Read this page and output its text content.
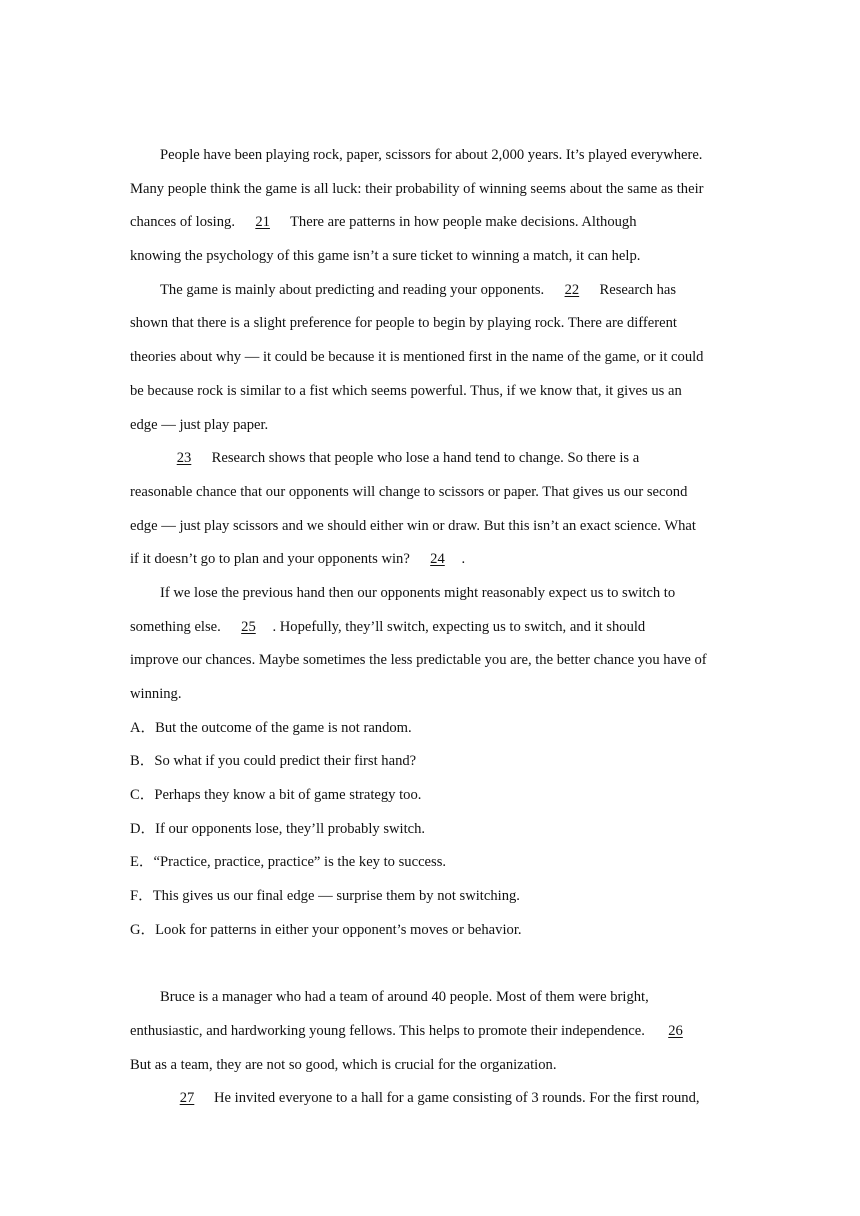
People have been playing rock, paper, scissors for about 2,000 years. It’s played everywhere.
Many people think the game is all luck: their probability of winning seems about the same as their
chances of losing. 21 There are patterns in how people make decisions. Although
knowing the psychology of this game isn’t a sure ticket to winning a match, it can help.
The game is mainly about predicting and reading your opponents. 22 Research has
shown that there is a slight preference for people to begin by playing rock. There are different
theories about why — it could be because it is mentioned first in the name of the game, or it could
be because rock is similar to a fist which seems powerful. Thus, if we know that, it gives us an
edge — just play paper.
23 Research shows that people who lose a hand tend to change. So there is a
reasonable chance that our opponents will change to scissors or paper. That gives us our second
edge — just play scissors and we should either win or draw. But this isn’t an exact science. What
if it doesn’t go to plan and your opponents win? 24 .
If we lose the previous hand then our opponents might reasonably expect us to switch to
something else. 25 . Hopefully, they’ll switch, expecting us to switch, and it should
improve our chances. Maybe sometimes the less predictable you are, the better chance you have of
winning.
A．But the outcome of the game is not random.
B．So what if you could predict their first hand?
C．Perhaps they know a bit of game strategy too.
D．If our opponents lose, they’ll probably switch.
E．“Practice, practice, practice” is the key to success.
F．This gives us our final edge — surprise them by not switching.
G．Look for patterns in either your opponent’s moves or behavior.
Bruce is a manager who had a team of around 40 people. Most of them were bright,
enthusiastic, and hardworking young fellows. This helps to promote their independence. 26
But as a team, they are not so good, which is crucial for the organization.
27 He invited everyone to a hall for a game consisting of 3 rounds. For the first round,
